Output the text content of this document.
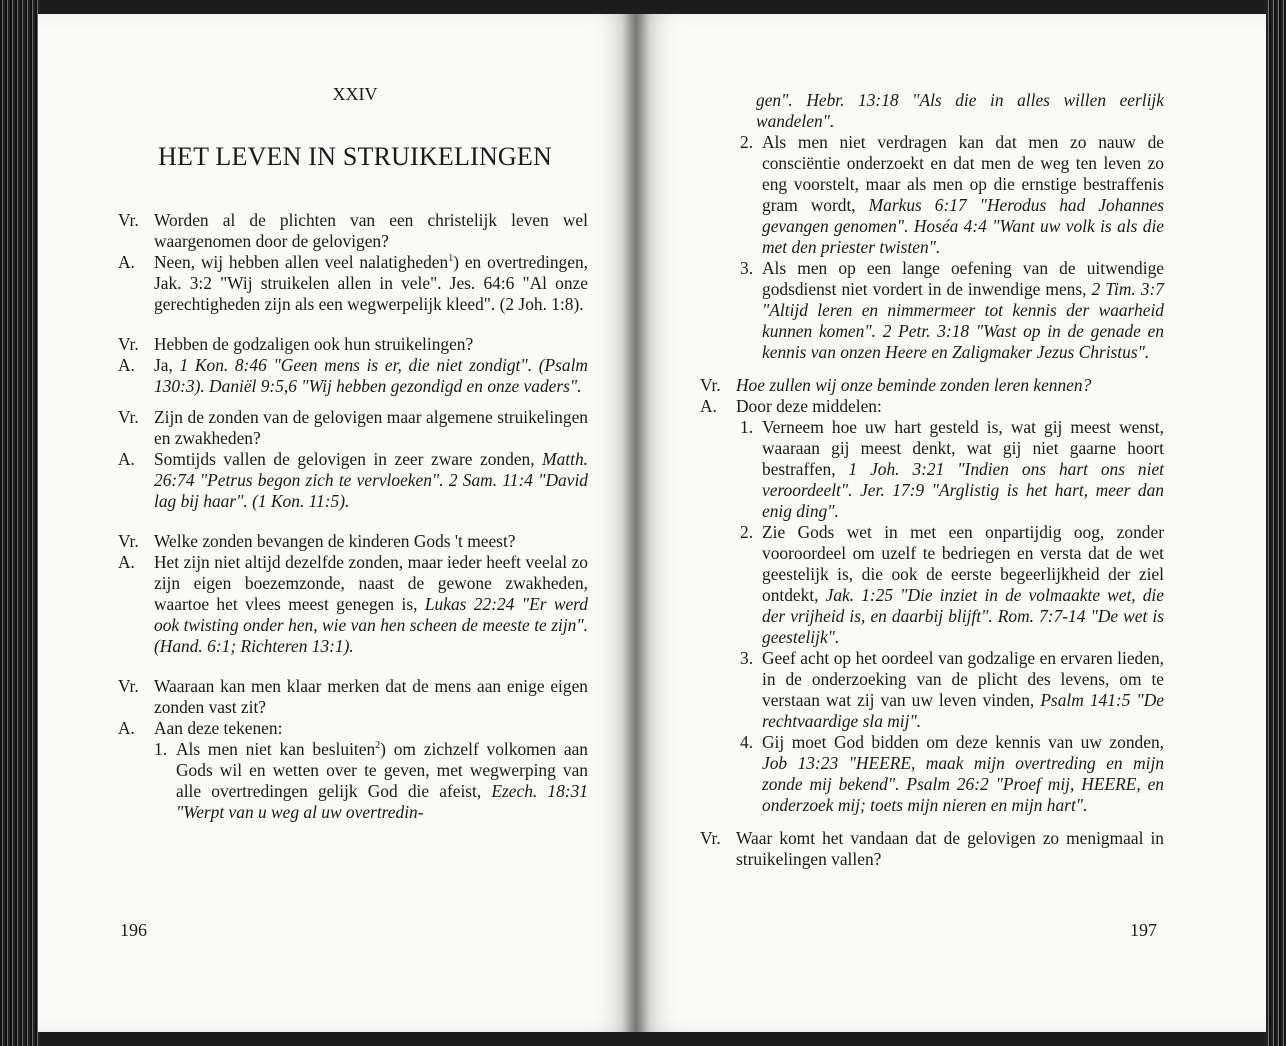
XXIV
HET LEVEN IN STRUIKELINGEN
Vr. Worden al de plichten van een christelijk leven wel waargenomen door de gelovigen?
A. Neen, wij hebben allen veel nalatigheden$^1$) en overtredingen, Jak. 3:2 "Wij struikelen allen in vele". Jes. 64:6 "Al onze gerechtigheden zijn als een wegwerpelijk kleed". (2 Joh. 1:8).
Vr. Hebben de godzaligen ook hun struikelingen?
A. Ja, 1 Kon. 8:46 "Geen mens is er, die niet zondigt". (Psalm 130:3). Daniël 9:5,6 "Wij hebben gezondigd en onze vaders".
Vr. Zijn de zonden van de gelovigen maar algemene struikelingen en zwakheden?
A. Somtijds vallen de gelovigen in zeer zware zonden, Matth. 26:74 "Petrus begon zich te vervloeken". 2 Sam. 11:4 "David lag bij haar". (1 Kon. 11:5).
Vr. Welke zonden bevangen de kinderen Gods 't meest?
A. Het zijn niet altijd dezelfde zonden, maar ieder heeft veelal zo zijn eigen boezemzonde, naast de gewone zwakheden, waartoe het vlees meest genegen is, Lukas 22:24 "Er werd ook twisting onder hen, wie van hen scheen de meeste te zijn". (Hand. 6:1; Richteren 13:1).
Vr. Waaraan kan men klaar merken dat de mens aan enige eigen zonden vast zit?
A. Aan deze tekenen:
1. Als men niet kan besluiten$^2$) om zichzelf volkomen aan Gods wil en wetten over te geven, met wegwerping van alle overtredingen gelijk God die afeist, Ezech. 18:31 "Werpt van u weg al uw overtredin-
196
gen". Hebr. 13:18 "Als die in alles willen eerlijk wandelen".
2. Als men niet verdragen kan dat men zo nauw de consciëntie onderzoekt en dat men de weg ten leven zo eng voorstelt, maar als men op die ernstige bestraffenis gram wordt, Markus 6:17 "Herodus had Johannes gevangen genomen". Hoséa 4:4 "Want uw volk is als die met den priester twisten".
3. Als men op een lange oefening van de uitwendige godsdienst niet vordert in de inwendige mens, 2 Tim. 3:7 "Altijd leren en nimmermeer tot kennis der waarheid kunnen komen". 2 Petr. 3:18 "Wast op in de genade en kennis van onzen Heere en Zaligmaker Jezus Christus".
Vr. Hoe zullen wij onze beminde zonden leren kennen?
A. Door deze middelen:
1. Verneem hoe uw hart gesteld is, wat gij meest wenst, waaraan gij meest denkt, wat gij niet gaarne hoort bestraffen, 1 Joh. 3:21 "Indien ons hart ons niet veroordeelt". Jer. 17:9 "Arglistig is het hart, meer dan enig ding".
2. Zie Gods wet in met een onpartijdig oog, zonder vooroordeel om uzelf te bedriegen en versta dat de wet geestelijk is, die ook de eerste begeerlijkheid der ziel ontdekt, Jak. 1:25 "Die inziet in de volmaakte wet, die der vrijheid is, en daarbij blijft". Rom. 7:7-14 "De wet is geestelijk".
3. Geef acht op het oordeel van godzalige en ervaren lieden, in de onderzoeking van de plicht des levens, om te verstaan wat zij van uw leven vinden, Psalm 141:5 "De rechtvaardige sla mij".
4. Gij moet God bidden om deze kennis van uw zonden, Job 13:23 "HEERE, maak mijn overtreding en mijn zonde mij bekend". Psalm 26:2 "Proef mij, HEERE, en onderzoek mij; toets mijn nieren en mijn hart".
Vr. Waar komt het vandaan dat de gelovigen zo menigmaal in struikelingen vallen?
197
